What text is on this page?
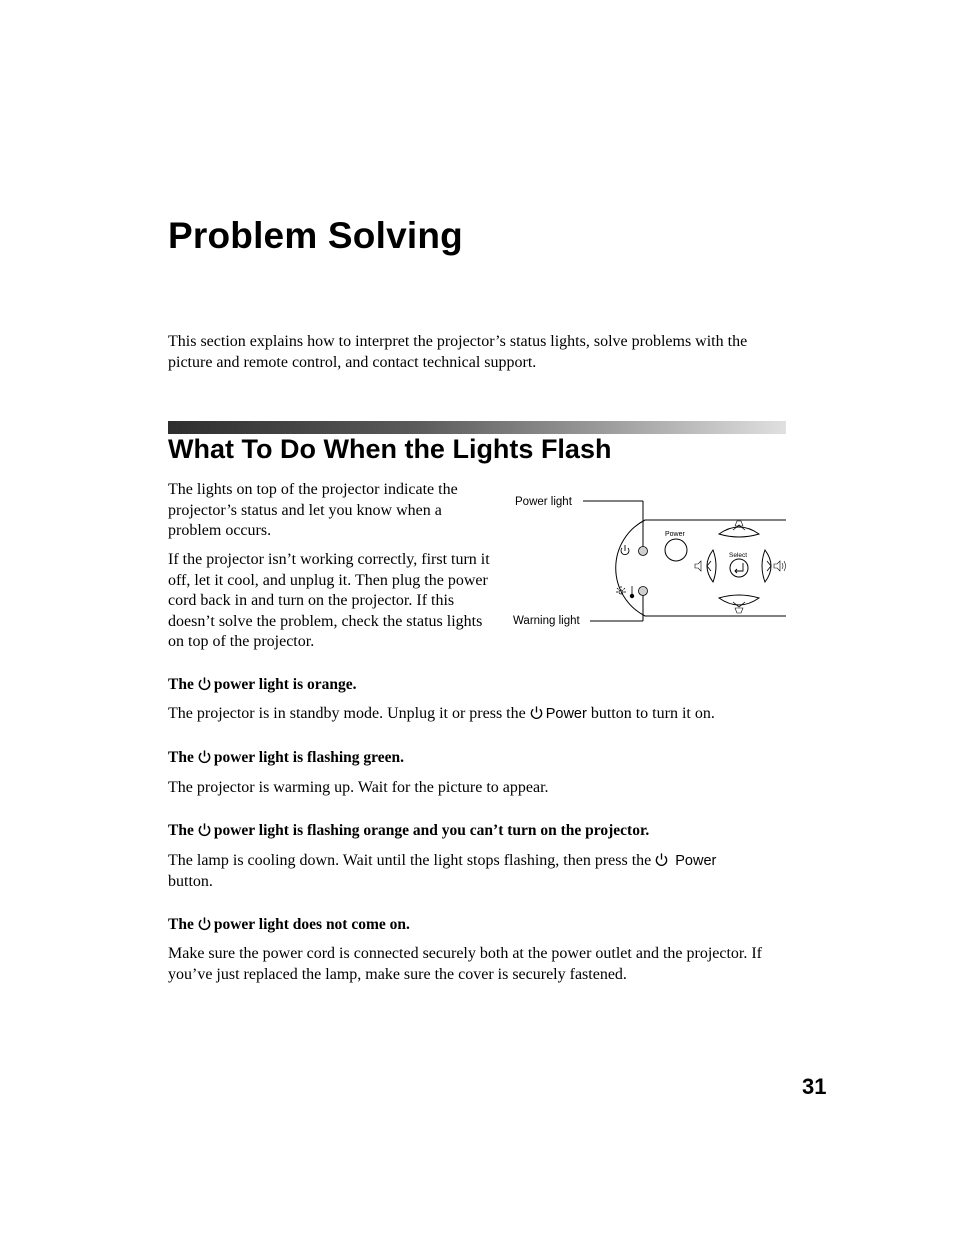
Problem Solving

This section explains how to interpret the projector’s status lights, solve problems with the picture and remote control, and contact technical support.

What To Do When the Lights Flash

The lights on top of the projector indicate the projector’s status and let you know when a problem occurs.

If the projector isn’t working correctly, first turn it off, let it cool, and unplug it. Then plug the power cord back in and turn on the projector. If this doesn’t solve the problem, check the status lights on top of the projector.

Power light
Warning light
Power
Select

The power light is orange.

The projector is in standby mode. Unplug it or press the Power button to turn it on.

The power light is flashing green.

The projector is warming up. Wait for the picture to appear.

The power light is flashing orange and you can’t turn on the projector.

The lamp is cooling down. Wait until the light stops flashing, then press the Power
button.

The power light does not come on.

Make sure the power cord is connected securely both at the power outlet and the projector. If you’ve just replaced the lamp, make sure the cover is securely fastened.

31
